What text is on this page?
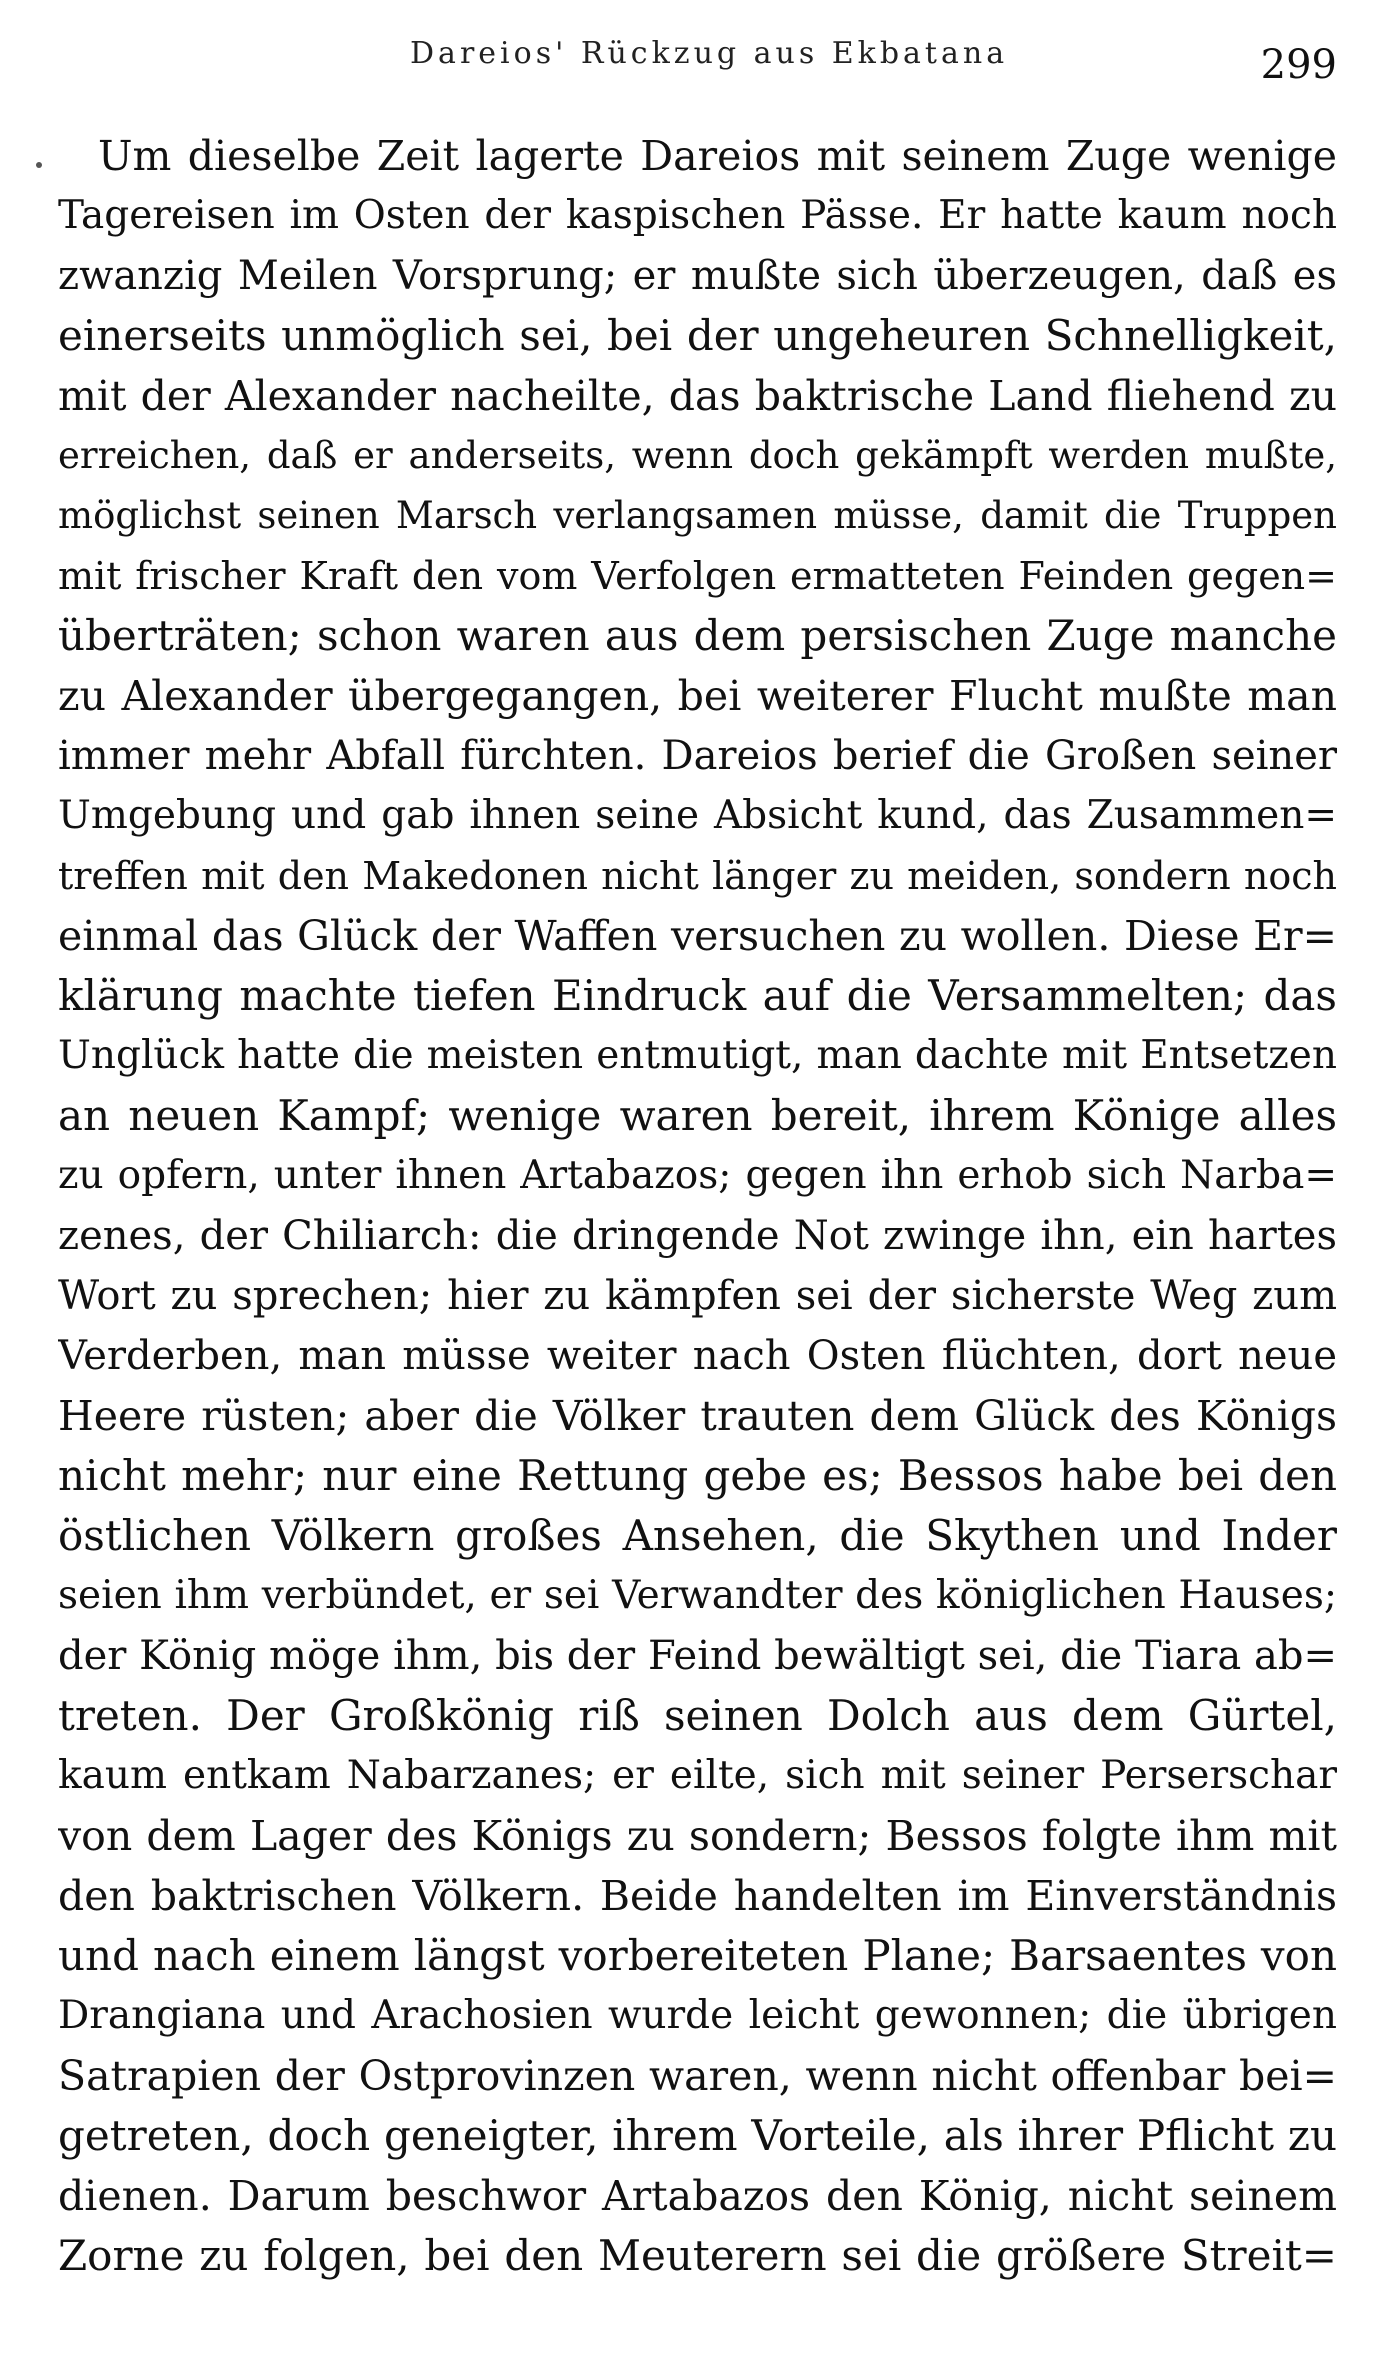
Dareios' Rückzug aus Ekbatana	299
Um dieselbe Zeit lagerte Dareios mit seinem Zuge wenige
Tagereisen im Osten der kaspischen Pässe. Er hatte kaum noch
zwanzig Meilen Vorsprung; er mußte sich überzeugen, daß es
einerseits unmöglich sei, bei der ungeheuren Schnelligkeit,
mit der Alexander nacheilte, das baktrische Land fliehend zu
erreichen, daß er anderseits, wenn doch gekämpft werden mußte,
möglichst seinen Marsch verlangsamen müsse, damit die Truppen
mit frischer Kraft den vom Verfolgen ermatteten Feinden gegen=
überträten; schon waren aus dem persischen Zuge manche
zu Alexander übergegangen, bei weiterer Flucht mußte man
immer mehr Abfall fürchten. Dareios berief die Großen seiner
Umgebung und gab ihnen seine Absicht kund, das Zusammen=
treffen mit den Makedonen nicht länger zu meiden, sondern noch
einmal das Glück der Waffen versuchen zu wollen. Diese Er=
klärung machte tiefen Eindruck auf die Versammelten; das
Unglück hatte die meisten entmutigt, man dachte mit Entsetzen
an neuen Kampf; wenige waren bereit, ihrem Könige alles
zu opfern, unter ihnen Artabazos; gegen ihn erhob sich Narba=
zenes, der Chiliarch: die dringende Not zwinge ihn, ein hartes
Wort zu sprechen; hier zu kämpfen sei der sicherste Weg zum
Verderben, man müsse weiter nach Osten flüchten, dort neue
Heere rüsten; aber die Völker trauten dem Glück des Königs
nicht mehr; nur eine Rettung gebe es; Bessos habe bei den
östlichen Völkern großes Ansehen, die Skythen und Inder
seien ihm verbündet, er sei Verwandter des königlichen Hauses;
der König möge ihm, bis der Feind bewältigt sei, die Tiara ab=
treten. Der Großkönig riß seinen Dolch aus dem Gürtel,
kaum entkam Nabarzanes; er eilte, sich mit seiner Perserschar
von dem Lager des Königs zu sondern; Bessos folgte ihm mit
den baktrischen Völkern. Beide handelten im Einverständnis
und nach einem längst vorbereiteten Plane; Barsaentes von
Drangiana und Arachosien wurde leicht gewonnen; die übrigen
Satrapien der Ostprovinzen waren, wenn nicht offenbar bei=
getreten, doch geneigter, ihrem Vorteile, als ihrer Pflicht zu
dienen. Darum beschwor Artabazos den König, nicht seinem
Zorne zu folgen, bei den Meuterern sei die größere Streit=
